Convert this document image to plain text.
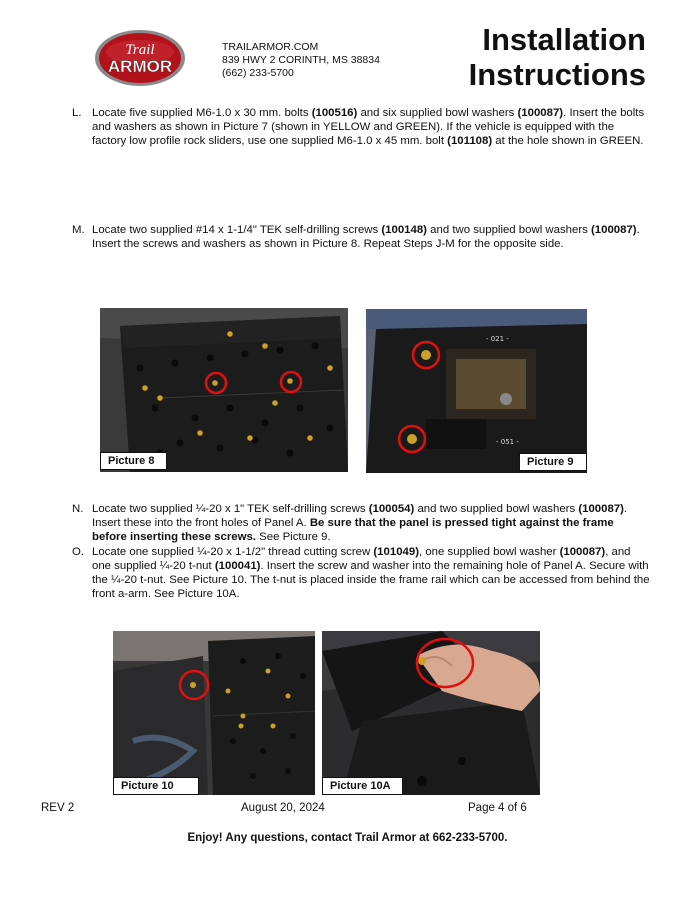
Trail
ARMOR
TRAILARMOR.COM
839 HWY 2 CORINTH, MS 38834
(662) 233-5700
Installation
Instructions
L. Locate five supplied M6-1.0 x 30 mm. bolts (100516) and six supplied bowl washers (100087). Insert the bolts and washers as shown in Picture 7 (shown in YELLOW and GREEN). If the vehicle is equipped with the factory low profile rock sliders, use one supplied M6-1.0 x 45 mm. bolt (101108) at the hole shown in GREEN.
M. Locate two supplied #14 x 1-1/4" TEK self-drilling screws (100148) and two supplied bowl washers (100087). Insert the screws and washers as shown in Picture 8. Repeat Steps J-M for the opposite side.
Picture 8
- 021 -
- 051 -
Picture 9
N. Locate two supplied ¼-20 x 1" TEK self-drilling screws (100054) and two supplied bowl washers (100087). Insert these into the front holes of Panel A. Be sure that the panel is pressed tight against the frame before inserting these screws. See Picture 9.
O. Locate one supplied ¼-20 x 1-1/2" thread cutting screw (101049), one supplied bowl washer (100087), and one supplied ¼-20 t-nut (100041). Insert the screw and washer into the remaining hole of Panel A. Secure with the ¼-20 t-nut. See Picture 10. The t-nut is placed inside the frame rail which can be accessed from behind the front a-arm. See Picture 10A.
Picture 10	Picture 10A
REV 2	August 20, 2024	Page 4 of 6
Enjoy! Any questions, contact Trail Armor at 662-233-5700.
